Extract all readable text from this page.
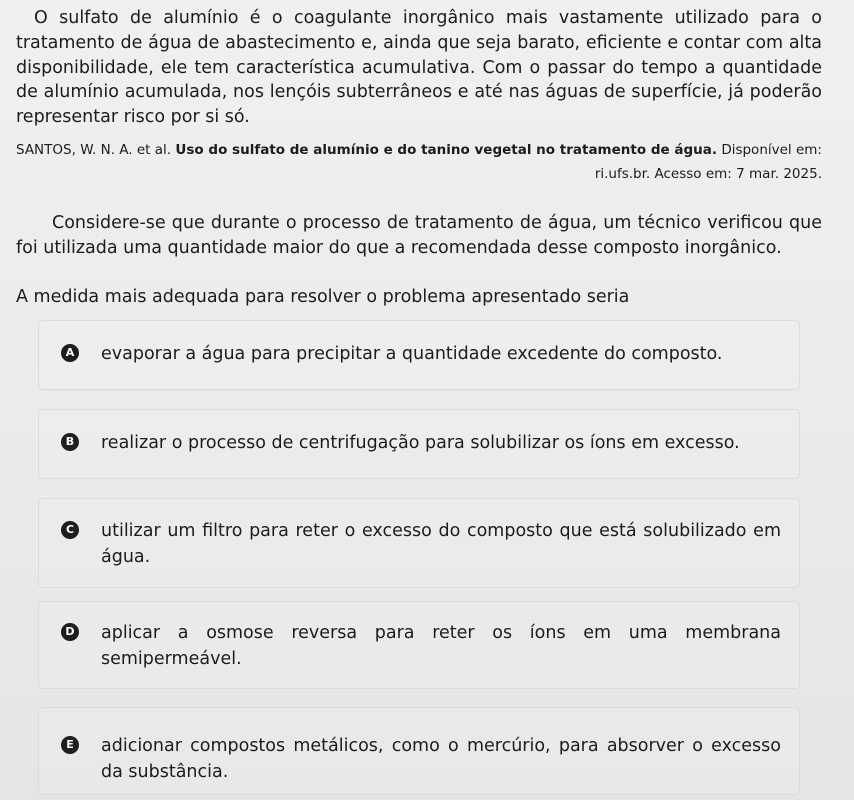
O sulfato de alumínio é o coagulante inorgânico mais vastamente utilizado para o tratamento de água de abastecimento e, ainda que seja barato, eficiente e contar com alta disponibilidade, ele tem característica acumulativa. Com o passar do tempo a quantidade de alumínio acumulada, nos lençóis subterrâneos e até nas águas de superfície, já poderão representar risco por si só.
SANTOS, W. N. A. et al. Uso do sulfato de alumínio e do tanino vegetal no tratamento de água. Disponível em: ri.ufs.br. Acesso em: 7 mar. 2025.
Considere-se que durante o processo de tratamento de água, um técnico verificou que foi utilizada uma quantidade maior do que a recomendada desse composto inorgânico.
A medida mais adequada para resolver o problema apresentado seria
A evaporar a água para precipitar a quantidade excedente do composto.
B realizar o processo de centrifugação para solubilizar os íons em excesso.
C utilizar um filtro para reter o excesso do composto que está solubilizado em água.
D aplicar a osmose reversa para reter os íons em uma membrana semipermeável.
E	adicionar compostos metálicos, como o mercúrio, para absorver o excesso da substância.
